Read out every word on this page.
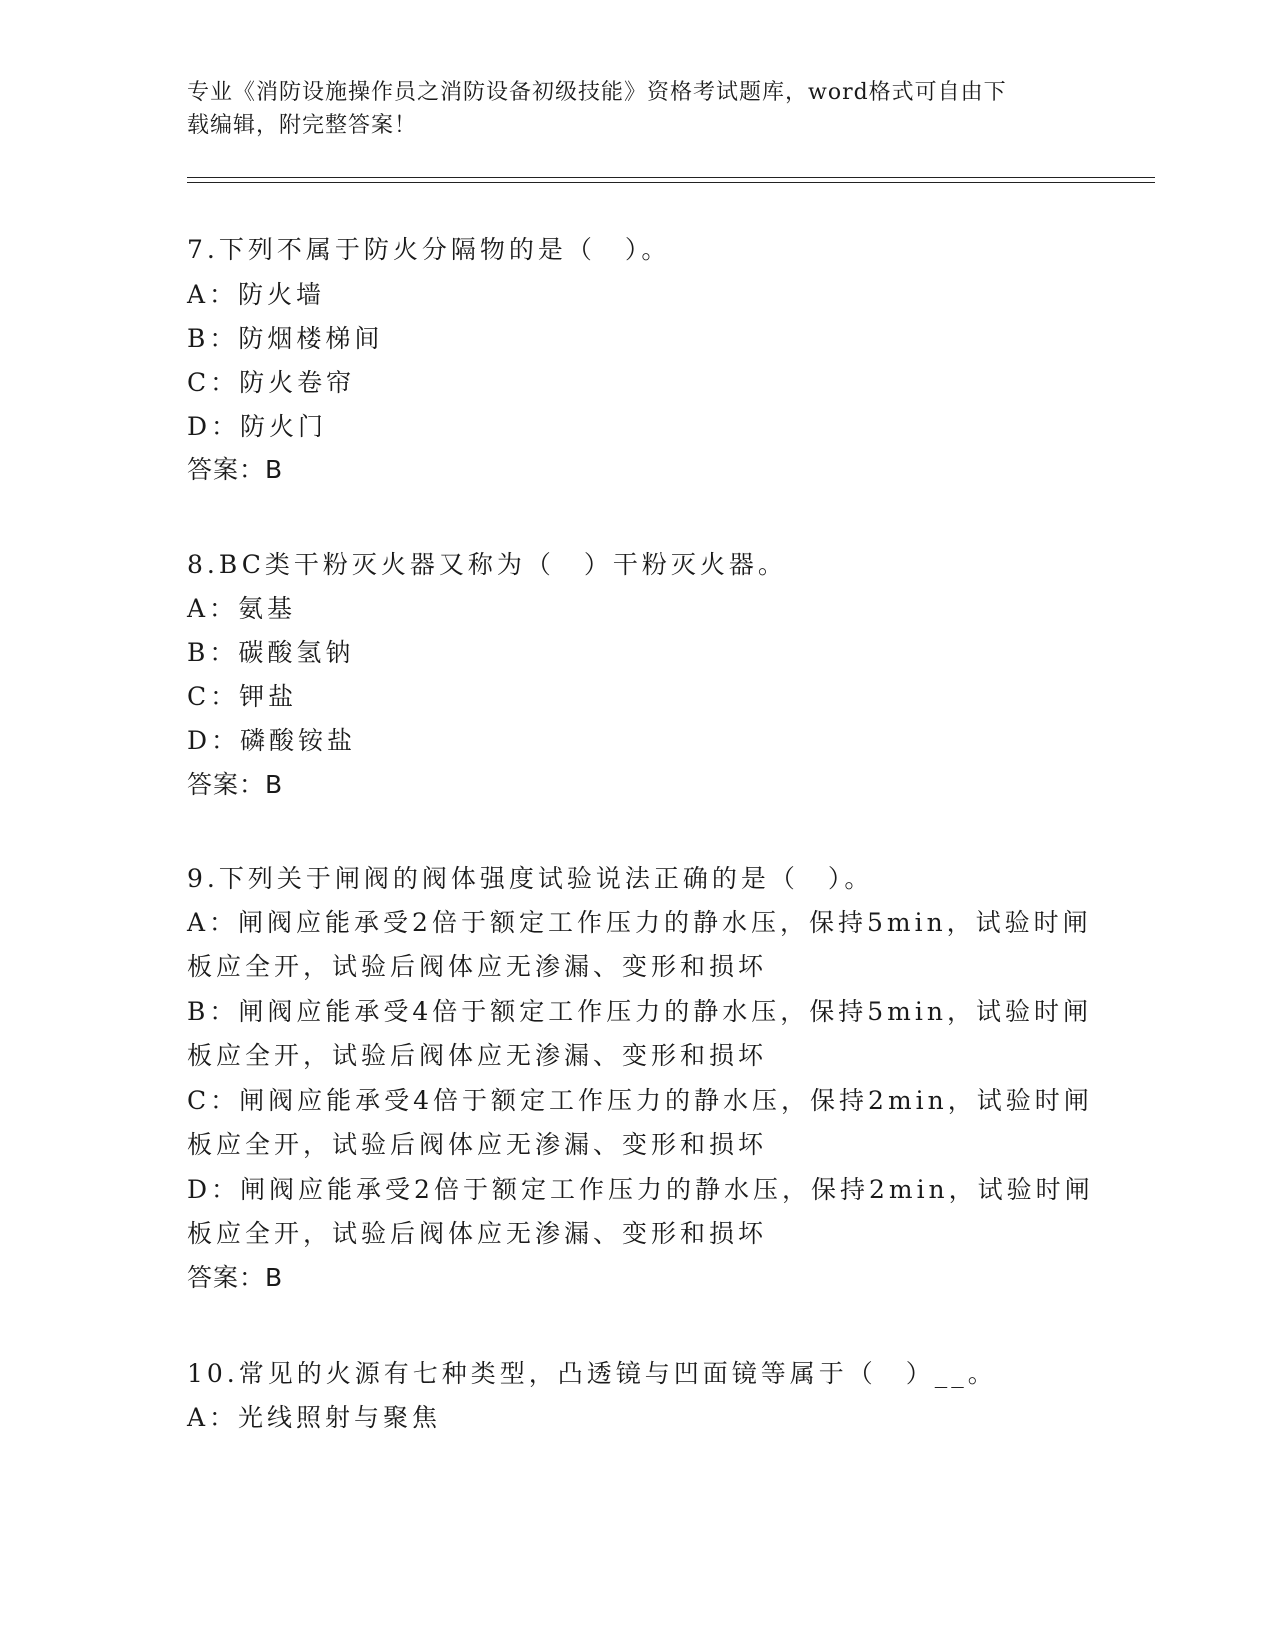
专业《消防设施操作员之消防设备初级技能》资格考试题库，word格式可自由下
载编辑，附完整答案！
7.下列不属于防火分隔物的是（　）。
A：防火墙
B：防烟楼梯间
C：防火卷帘
D：防火门
答案：B
8.BC类干粉灭火器又称为（　）干粉灭火器。
A：氨基
B：碳酸氢钠
C：钾盐
D：磷酸铵盐
答案：B
9.下列关于闸阀的阀体强度试验说法正确的是（　）。
A：闸阀应能承受2倍于额定工作压力的静水压，保持5min，试验时闸
板应全开，试验后阀体应无渗漏、变形和损坏
B：闸阀应能承受4倍于额定工作压力的静水压，保持5min，试验时闸
板应全开，试验后阀体应无渗漏、变形和损坏
C：闸阀应能承受4倍于额定工作压力的静水压，保持2min，试验时闸
板应全开，试验后阀体应无渗漏、变形和损坏
D：闸阀应能承受2倍于额定工作压力的静水压，保持2min，试验时闸
板应全开，试验后阀体应无渗漏、变形和损坏
答案：B
10.常见的火源有七种类型，凸透镜与凹面镜等属于（　）__。
A：光线照射与聚焦
